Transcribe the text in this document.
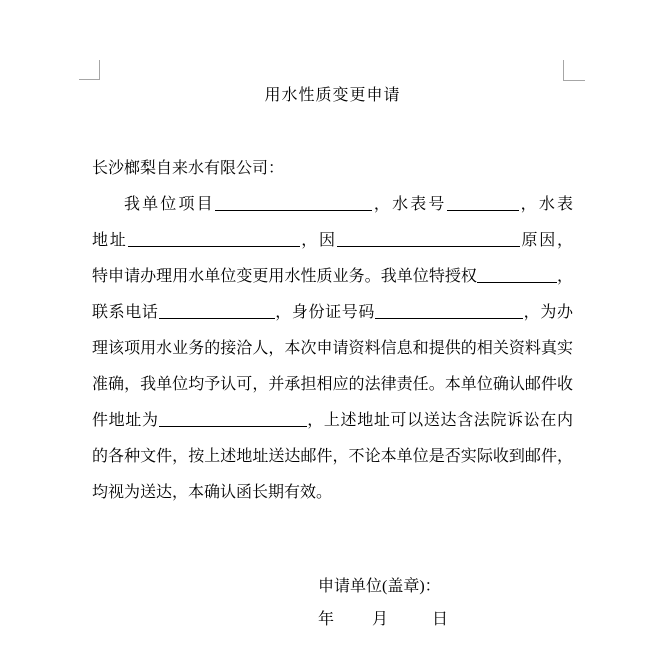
用水性质变更申请
长沙榔梨自来水有限公司：
我单位项目	，水表号	，水表
地址	，因	原因，
特申请办理用水单位变更用水性质业务。我单位特授权	，
联系电话	，身份证号码	，为办
理该项用水业务的接洽人，本次申请资料信息和提供的相关资料真实
准确，我单位均予认可，并承担相应的法律责任。本单位确认邮件收
件地址为	，上述地址可以送达含法院诉讼在内
的各种文件，按上述地址送达邮件，不论本单位是否实际收到邮件，
均视为送达，本确认函长期有效。
申请单位(盖章)：
年 月	日
